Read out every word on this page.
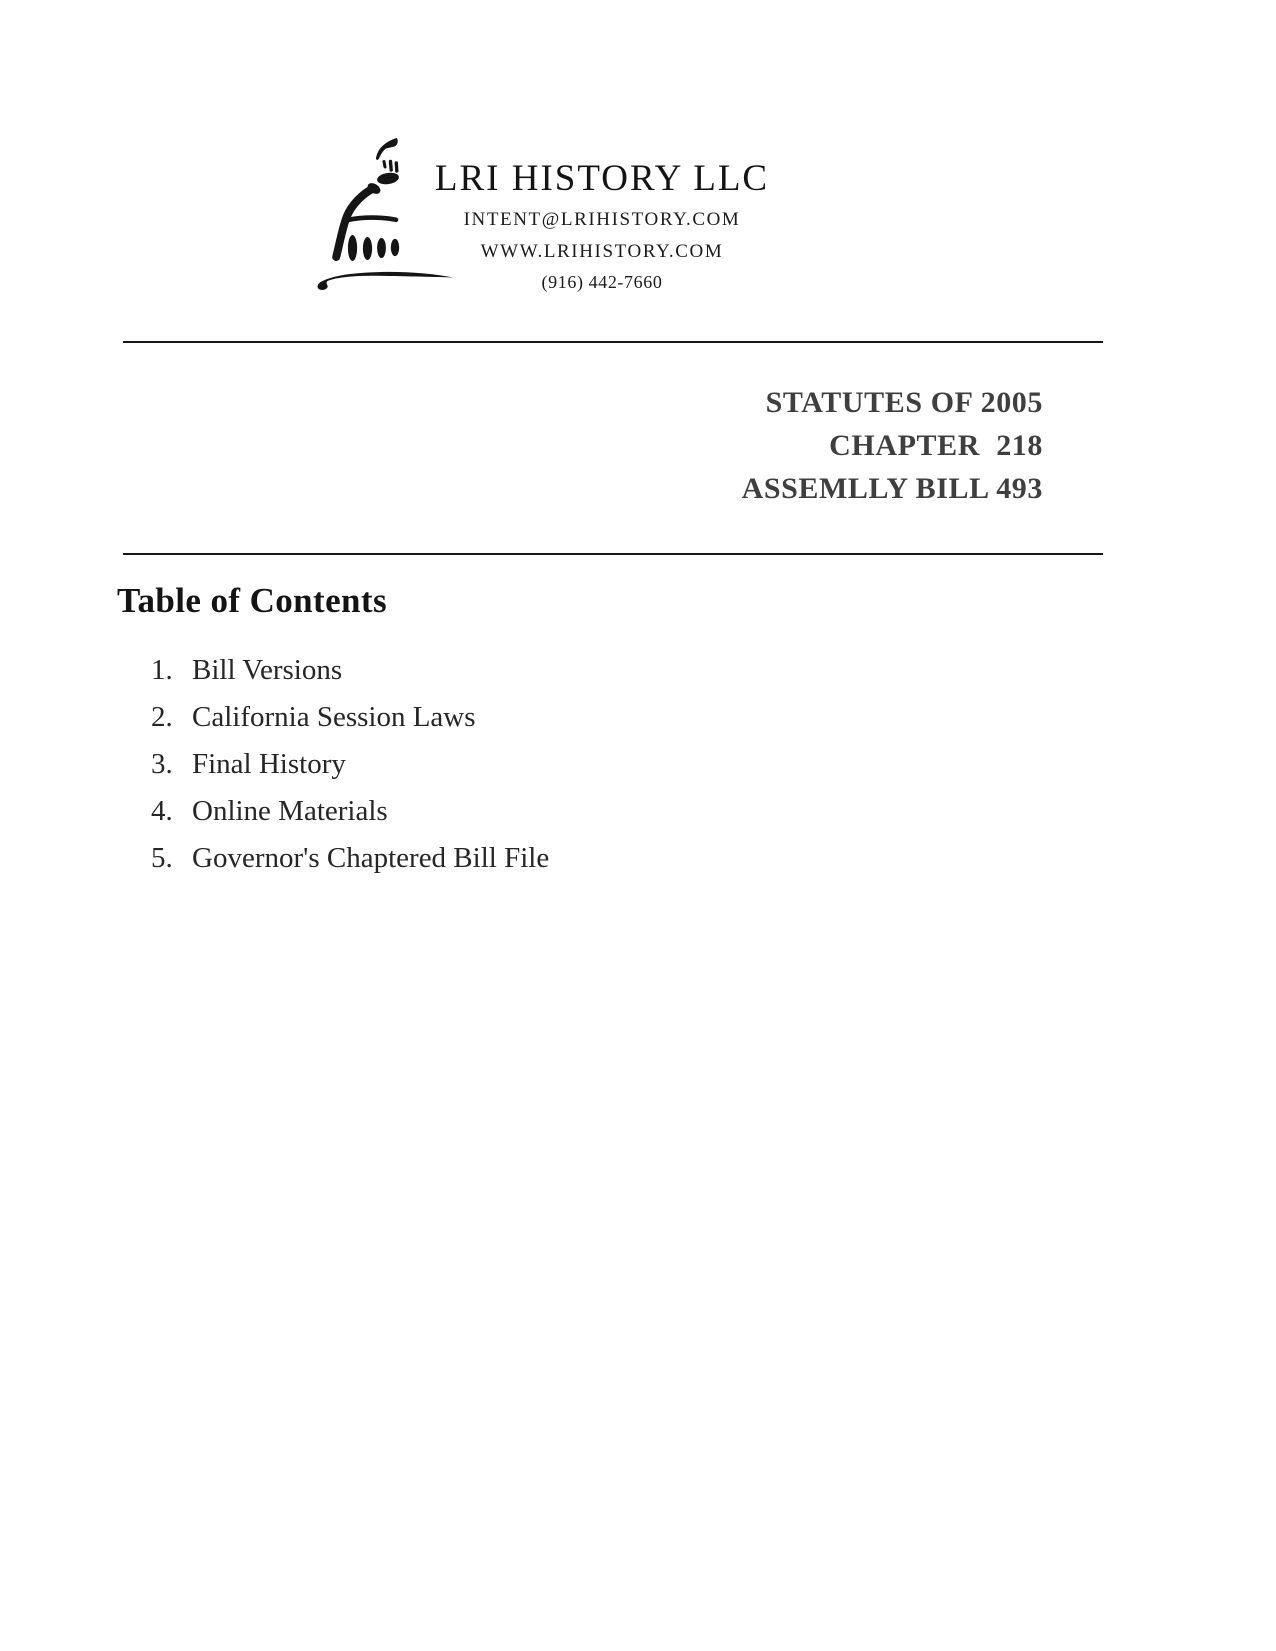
LRI HISTORY LLC
INTENT@LRIHISTORY.COM
WWW.LRIHISTORY.COM
(916) 442-7660
STATUTES OF 2005
CHAPTER  218
ASSEMLLY BILL 493
Table of Contents
1. Bill Versions
2. California Session Laws
3. Final History
4. Online Materials
5. Governor's Chaptered Bill File
